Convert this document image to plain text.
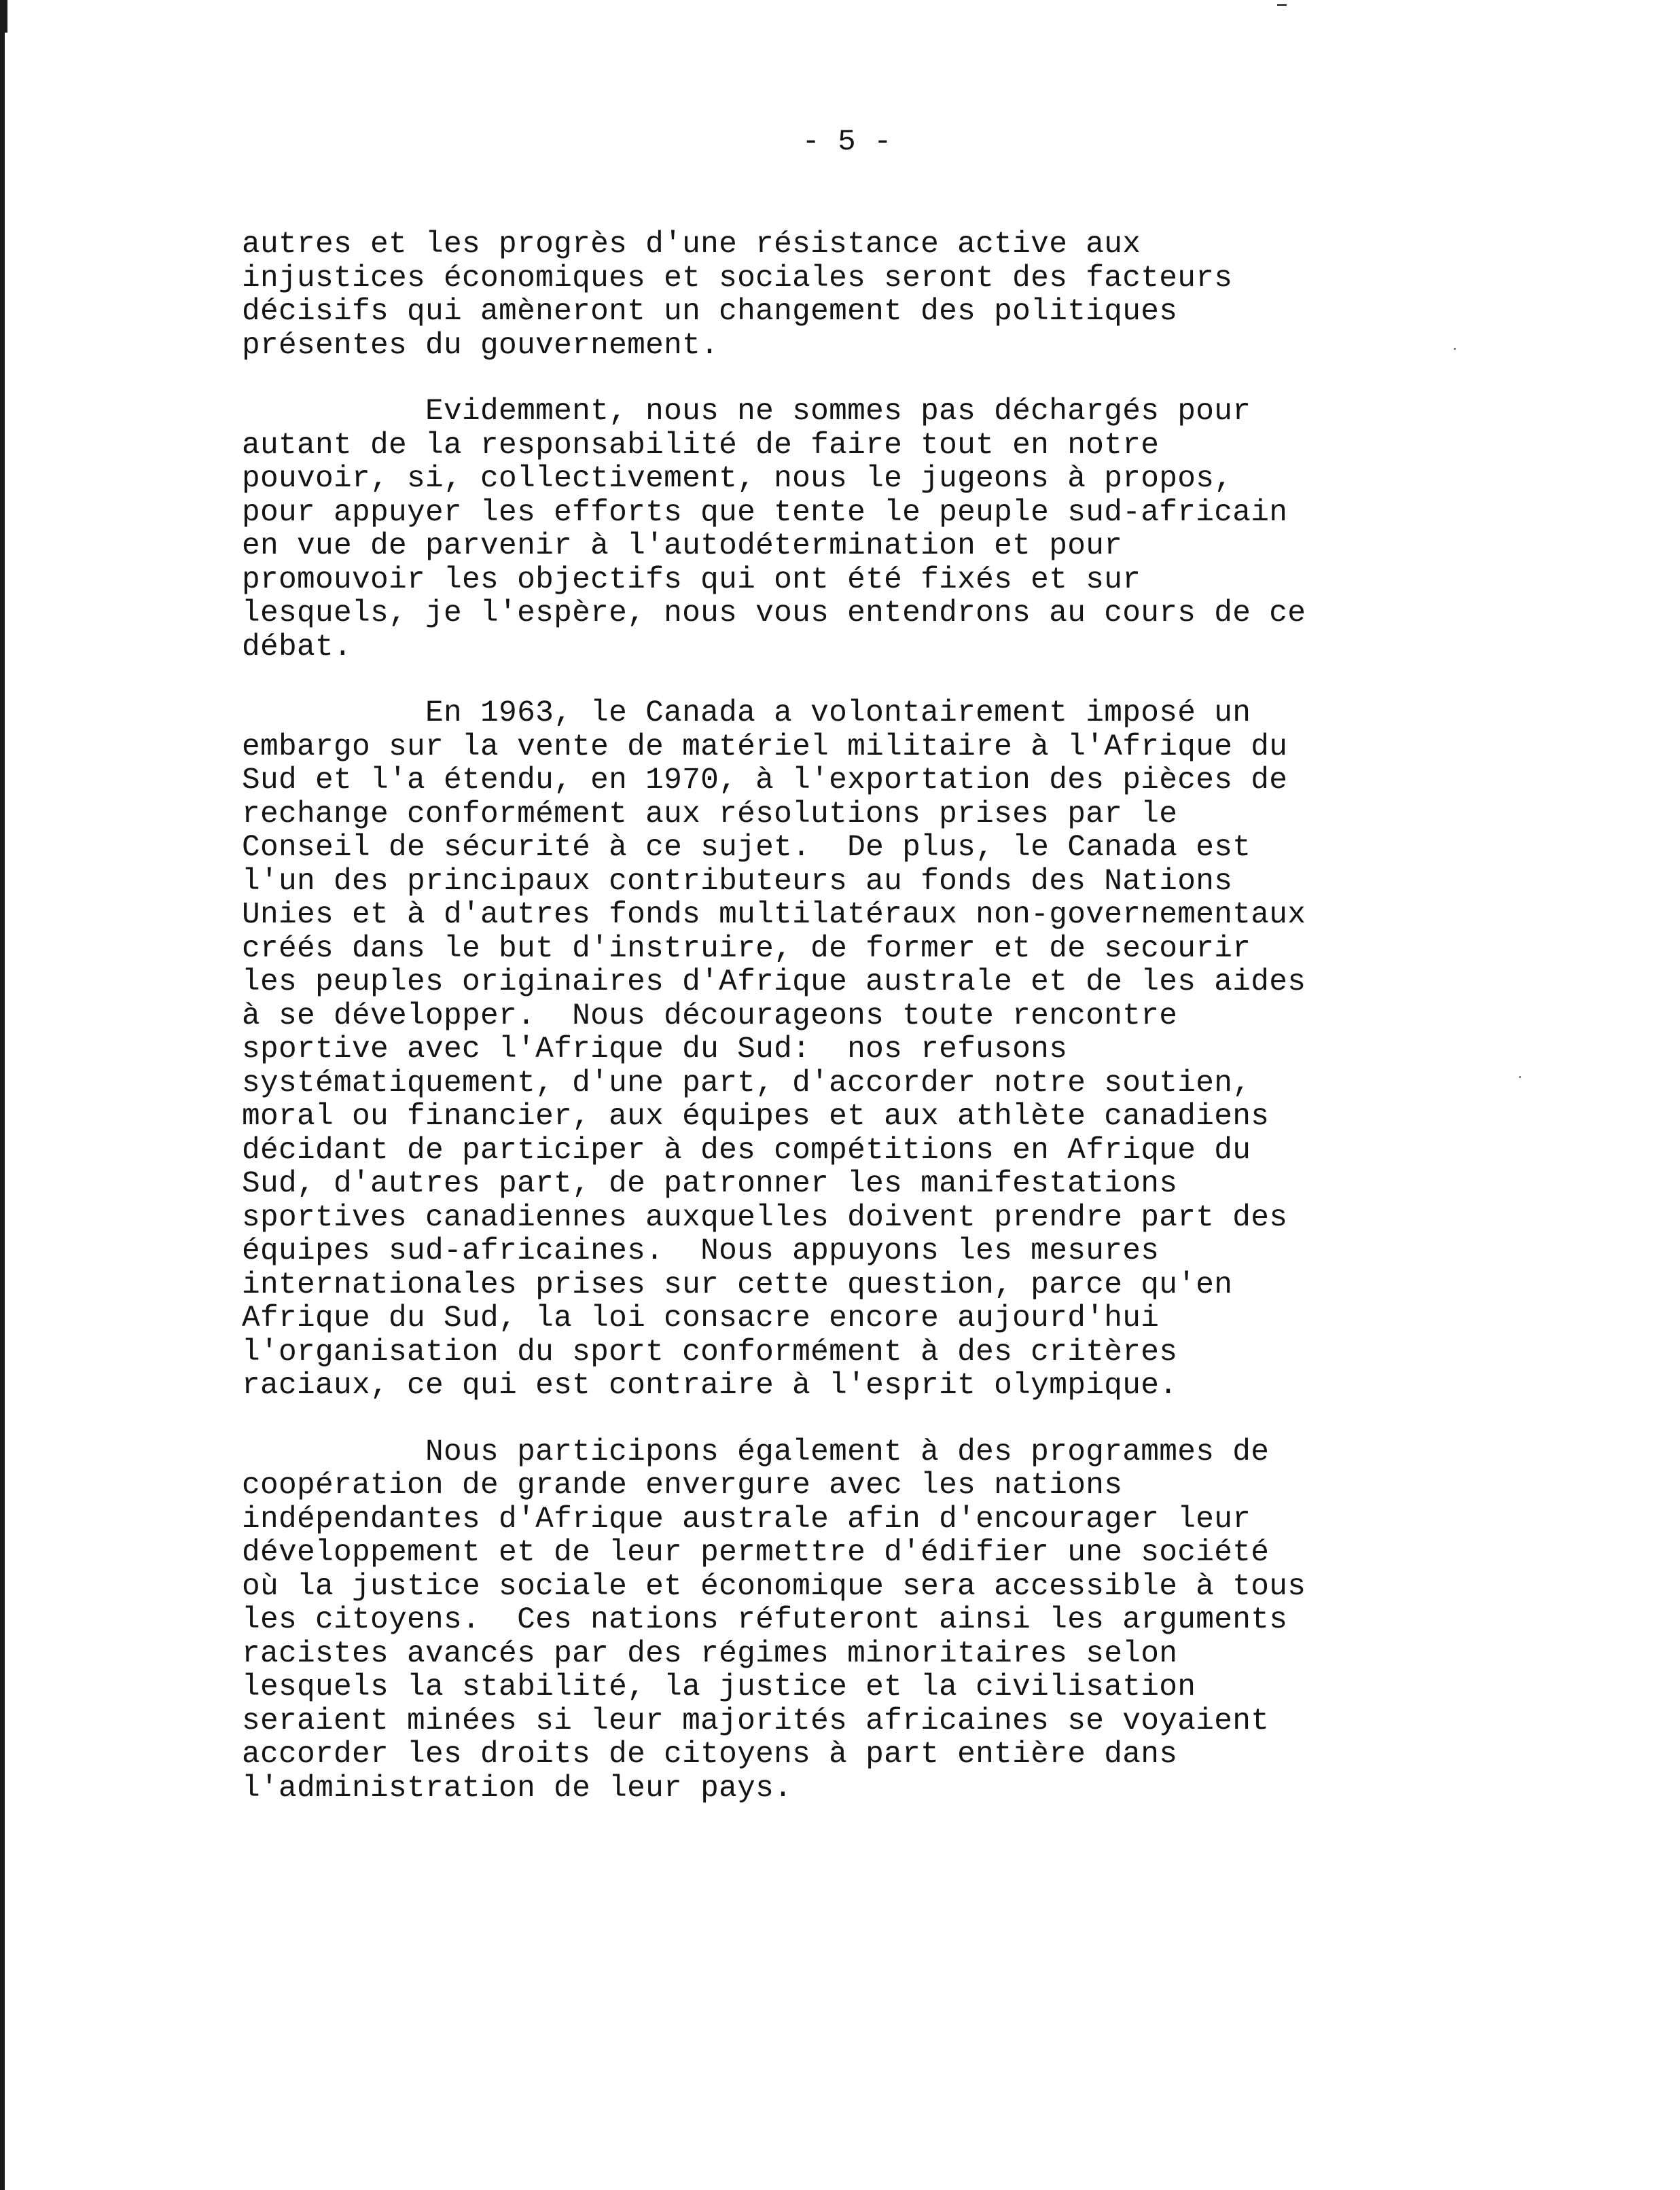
- 5 -
autres et les progrès d'une résistance active aux
injustices économiques et sociales seront des facteurs
décisifs qui amèneront un changement des politiques
présentes du gouvernement.
Evidemment, nous ne sommes pas déchargés pour
autant de la responsabilité de faire tout en notre
pouvoir, si, collectivement, nous le jugeons à propos,
pour appuyer les efforts que tente le peuple sud-africain
en vue de parvenir à l'autodétermination et pour
promouvoir les objectifs qui ont été fixés et sur
lesquels, je l'espère, nous vous entendrons au cours de ce
débat.
En 1963, le Canada a volontairement imposé un
embargo sur la vente de matériel militaire à l'Afrique du
Sud et l'a étendu, en 1970, à l'exportation des pièces de
rechange conformément aux résolutions prises par le
Conseil de sécurité à ce sujet.  De plus, le Canada est
l'un des principaux contributeurs au fonds des Nations
Unies et à d'autres fonds multilatéraux non-governementaux
créés dans le but d'instruire, de former et de secourir
les peuples originaires d'Afrique australe et de les aides
à se développer.  Nous décourageons toute rencontre
sportive avec l'Afrique du Sud:  nos refusons
systématiquement, d'une part, d'accorder notre soutien,
moral ou financier, aux équipes et aux athlète canadiens
décidant de participer à des compétitions en Afrique du
Sud, d'autres part, de patronner les manifestations
sportives canadiennes auxquelles doivent prendre part des
équipes sud-africaines.  Nous appuyons les mesures
internationales prises sur cette question, parce qu'en
Afrique du Sud, la loi consacre encore aujourd'hui
l'organisation du sport conformément à des critères
raciaux, ce qui est contraire à l'esprit olympique.
Nous participons également à des programmes de
coopération de grande envergure avec les nations
indépendantes d'Afrique australe afin d'encourager leur
développement et de leur permettre d'édifier une société
où la justice sociale et économique sera accessible à tous
les citoyens.  Ces nations réfuteront ainsi les arguments
racistes avancés par des régimes minoritaires selon
lesquels la stabilité, la justice et la civilisation
seraient minées si leur majorités africaines se voyaient
accorder les droits de citoyens à part entière dans
l'administration de leur pays.
